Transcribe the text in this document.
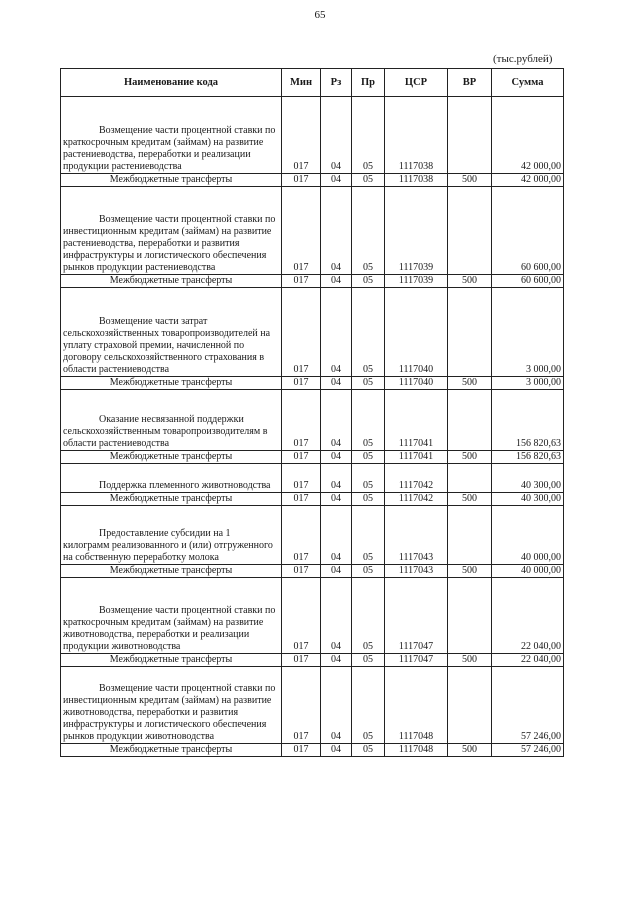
65
(тыс.рублей)
Наименование кода	Мин	Рз	Пр	ЦСР	ВР	Сумма
Возмещение части процентной ставки по краткосрочным кредитам (займам) на развитие растениеводства, переработки и реализации продукции растениеводства	017	04	05	1117038		42 000,00
Межбюджетные трансферты	017	04	05	1117038	500	42 000,00
Возмещение части процентной ставки по инвестиционным кредитам (займам) на развитие растениеводства, переработки и развития инфраструктуры и логистического обеспечения рынков продукции растениеводства	017	04	05	1117039		60 600,00
Межбюджетные трансферты	017	04	05	1117039	500	60 600,00
Возмещение части затрат сельскохозяйственных товаропроизводителей на уплату страховой премии, начисленной по договору сельскохозяйственного страхования в области растениеводства	017	04	05	1117040		3 000,00
Межбюджетные трансферты	017	04	05	1117040	500	3 000,00
Оказание несвязанной поддержки сельскохозяйственным товаропроизводителям в области растениеводства	017	04	05	1117041		156 820,63
Межбюджетные трансферты	017	04	05	1117041	500	156 820,63
Поддержка племенного животноводства	017	04	05	1117042		40 300,00
Межбюджетные трансферты	017	04	05	1117042	500	40 300,00
Предоставление субсидии на 1 килограмм реализованного и (или) отгруженного на собственную переработку молока	017	04	05	1117043		40 000,00
Межбюджетные трансферты	017	04	05	1117043	500	40 000,00
Возмещение части процентной ставки по краткосрочным кредитам (займам) на развитие животноводства, переработки и реализации продукции животноводства	017	04	05	1117047		22 040,00
Межбюджетные трансферты	017	04	05	1117047	500	22 040,00
Возмещение части процентной ставки по инвестиционным кредитам (займам) на развитие животноводства, переработки и развития инфраструктуры и логистического обеспечения рынков продукции животноводства	017	04	05	1117048		57 246,00
Межбюджетные трансферты	017	04	05	1117048	500	57 246,00
